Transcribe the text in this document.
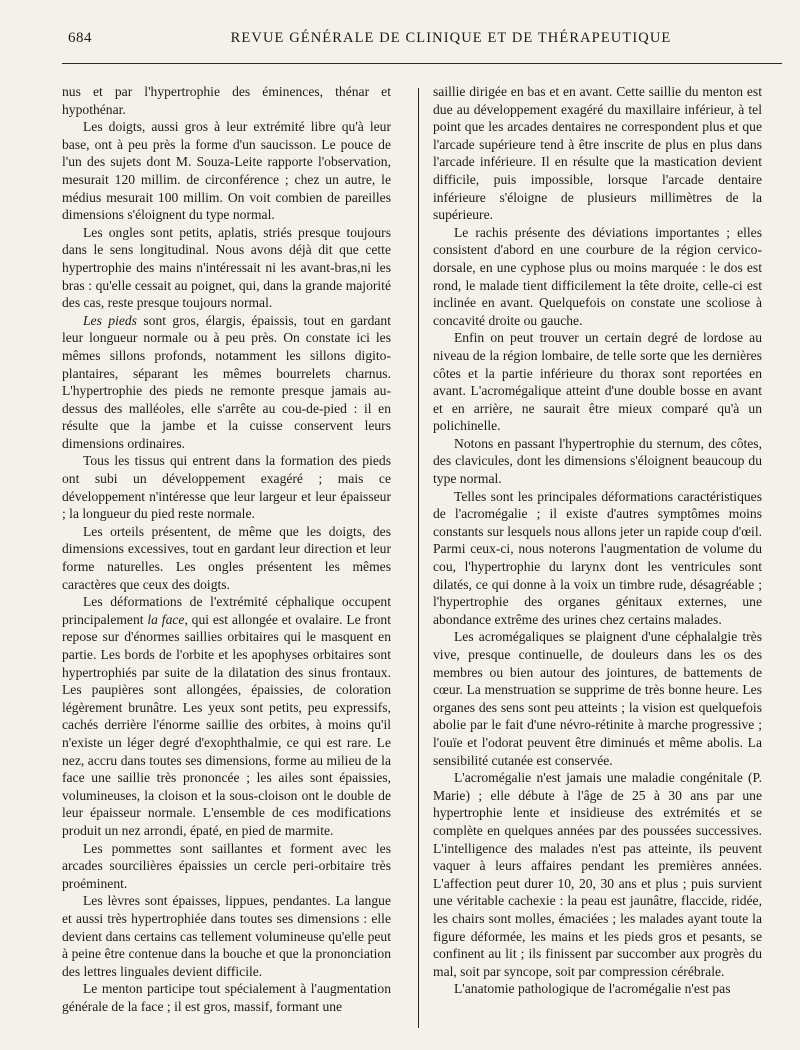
684	REVUE GÉNÉRALE DE CLINIQUE ET DE THÉRAPEUTIQUE

nus et par l'hypertrophie des éminences, thénar et hypothénar.

Les doigts, aussi gros à leur extrémité libre qu'à leur base, ont à peu près la forme d'un saucisson. Le pouce de l'un des sujets dont M. Souza-Leite rapporte l'observation, mesurait 120 millim. de circonférence ; chez un autre, le médius mesurait 100 millim. On voit combien de pareilles dimensions s'éloignent du type normal.

Les ongles sont petits, aplatis, striés presque toujours dans le sens longitudinal. Nous avons déjà dit que cette hypertrophie des mains n'intéressait ni les avant-bras,ni les bras : qu'elle cessait au poignet, qui, dans la grande majorité des cas, reste presque toujours normal.

Les pieds sont gros, élargis, épaissis, tout en gardant leur longueur normale ou à peu près. On constate ici les mêmes sillons profonds, notamment les sillons digito-plantaires, séparant les mêmes bourrelets charnus. L'hypertrophie des pieds ne remonte presque jamais au-dessus des malléoles, elle s'arrête au cou-de-pied : il en résulte que la jambe et la cuisse conservent leurs dimensions ordinaires.

Tous les tissus qui entrent dans la formation des pieds ont subi un développement exagéré ; mais ce développement n'intéresse que leur largeur et leur épaisseur ; la longueur du pied reste normale.

Les orteils présentent, de même que les doigts, des dimensions excessives, tout en gardant leur direction et leur forme naturelles. Les ongles présentent les mêmes caractères que ceux des doigts.

Les déformations de l'extrémité céphalique occupent principalement la face, qui est allongée et ovalaire. Le front repose sur d'énormes saillies orbitaires qui le masquent en partie. Les bords de l'orbite et les apophyses orbitaires sont hypertrophiés par suite de la dilatation des sinus frontaux. Les paupières sont allongées, épaissies, de coloration légèrement brunâtre. Les yeux sont petits, peu expressifs, cachés derrière l'énorme saillie des orbites, à moins qu'il n'existe un léger degré d'exophthalmie, ce qui est rare. Le nez, accru dans toutes ses dimensions, forme au milieu de la face une saillie très prononcée ; les ailes sont épaissies, volumineuses, la cloison et la sous-cloison ont le double de leur épaisseur normale. L'ensemble de ces modifications produit un nez arrondi, épaté, en pied de marmite.

Les pommettes sont saillantes et forment avec les arcades sourcilières épaissies un cercle peri-orbitaire très proéminent.

Les lèvres sont épaisses, lippues, pendantes. La langue et aussi très hypertrophiée dans toutes ses dimensions : elle devient dans certains cas tellement volumineuse qu'elle peut à peine être contenue dans la bouche et que la prononciation des lettres linguales devient difficile.

Le menton participe tout spécialement à l'augmentation générale de la face ; il est gros, massif, formant une

saillie dirigée en bas et en avant. Cette saillie du menton est due au développement exagéré du maxillaire inférieur, à tel point que les arcades dentaires ne correspondent plus et que l'arcade supérieure tend à être inscrite de plus en plus dans l'arcade inférieure. Il en résulte que la mastication devient difficile, puis impossible, lorsque l'arcade dentaire inférieure s'éloigne de plusieurs millimètres de la supérieure.

Le rachis présente des déviations importantes ; elles consistent d'abord en une courbure de la région cervico-dorsale, en une cyphose plus ou moins marquée : le dos est rond, le malade tient difficilement la tête droite, celle-ci est inclinée en avant. Quelquefois on constate une scoliose à concavité droite ou gauche.

Enfin on peut trouver un certain degré de lordose au niveau de la région lombaire, de telle sorte que les dernières côtes et la partie inférieure du thorax sont reportées en avant. L'acromégalique atteint d'une double bosse en avant et en arrière, ne saurait être mieux comparé qu'à un polichinelle.

Notons en passant l'hypertrophie du sternum, des côtes, des clavicules, dont les dimensions s'éloignent beaucoup du type normal.

Telles sont les principales déformations caractéristiques de l'acromégalie ; il existe d'autres symptômes moins constants sur lesquels nous allons jeter un rapide coup d'œil. Parmi ceux-ci, nous noterons l'augmentation de volume du cou, l'hypertrophie du larynx dont les ventricules sont dilatés, ce qui donne à la voix un timbre rude, désagréable ; l'hypertrophie des organes génitaux externes, une abondance extrême des urines chez certains malades.

Les acromégaliques se plaignent d'une céphalalgie très vive, presque continuelle, de douleurs dans les os des membres ou bien autour des jointures, de battements de cœur. La menstruation se supprime de très bonne heure. Les organes des sens sont peu atteints ; la vision est quelquefois abolie par le fait d'une névro-rétinite à marche progressive ; l'ouïe et l'odorat peuvent être diminués et même abolis. La sensibilité cutanée est conservée.

L'acromégalie n'est jamais une maladie congénitale (P. Marie) ; elle débute à l'âge de 25 à 30 ans par une hypertrophie lente et insidieuse des extrémités et se complète en quelques années par des poussées successives. L'intelligence des malades n'est pas atteinte, ils peuvent vaquer à leurs affaires pendant les premières années. L'affection peut durer 10, 20, 30 ans et plus ; puis survient une véritable cachexie : la peau est jaunâtre, flaccide, ridée, les chairs sont molles, émaciées ; les malades ayant toute la figure déformée, les mains et les pieds gros et pesants, se confinent au lit ; ils finissent par succomber aux progrès du mal, soit par syncope, soit par compression cérébrale.

L'anatomie pathologique de l'acromégalie n'est pas
